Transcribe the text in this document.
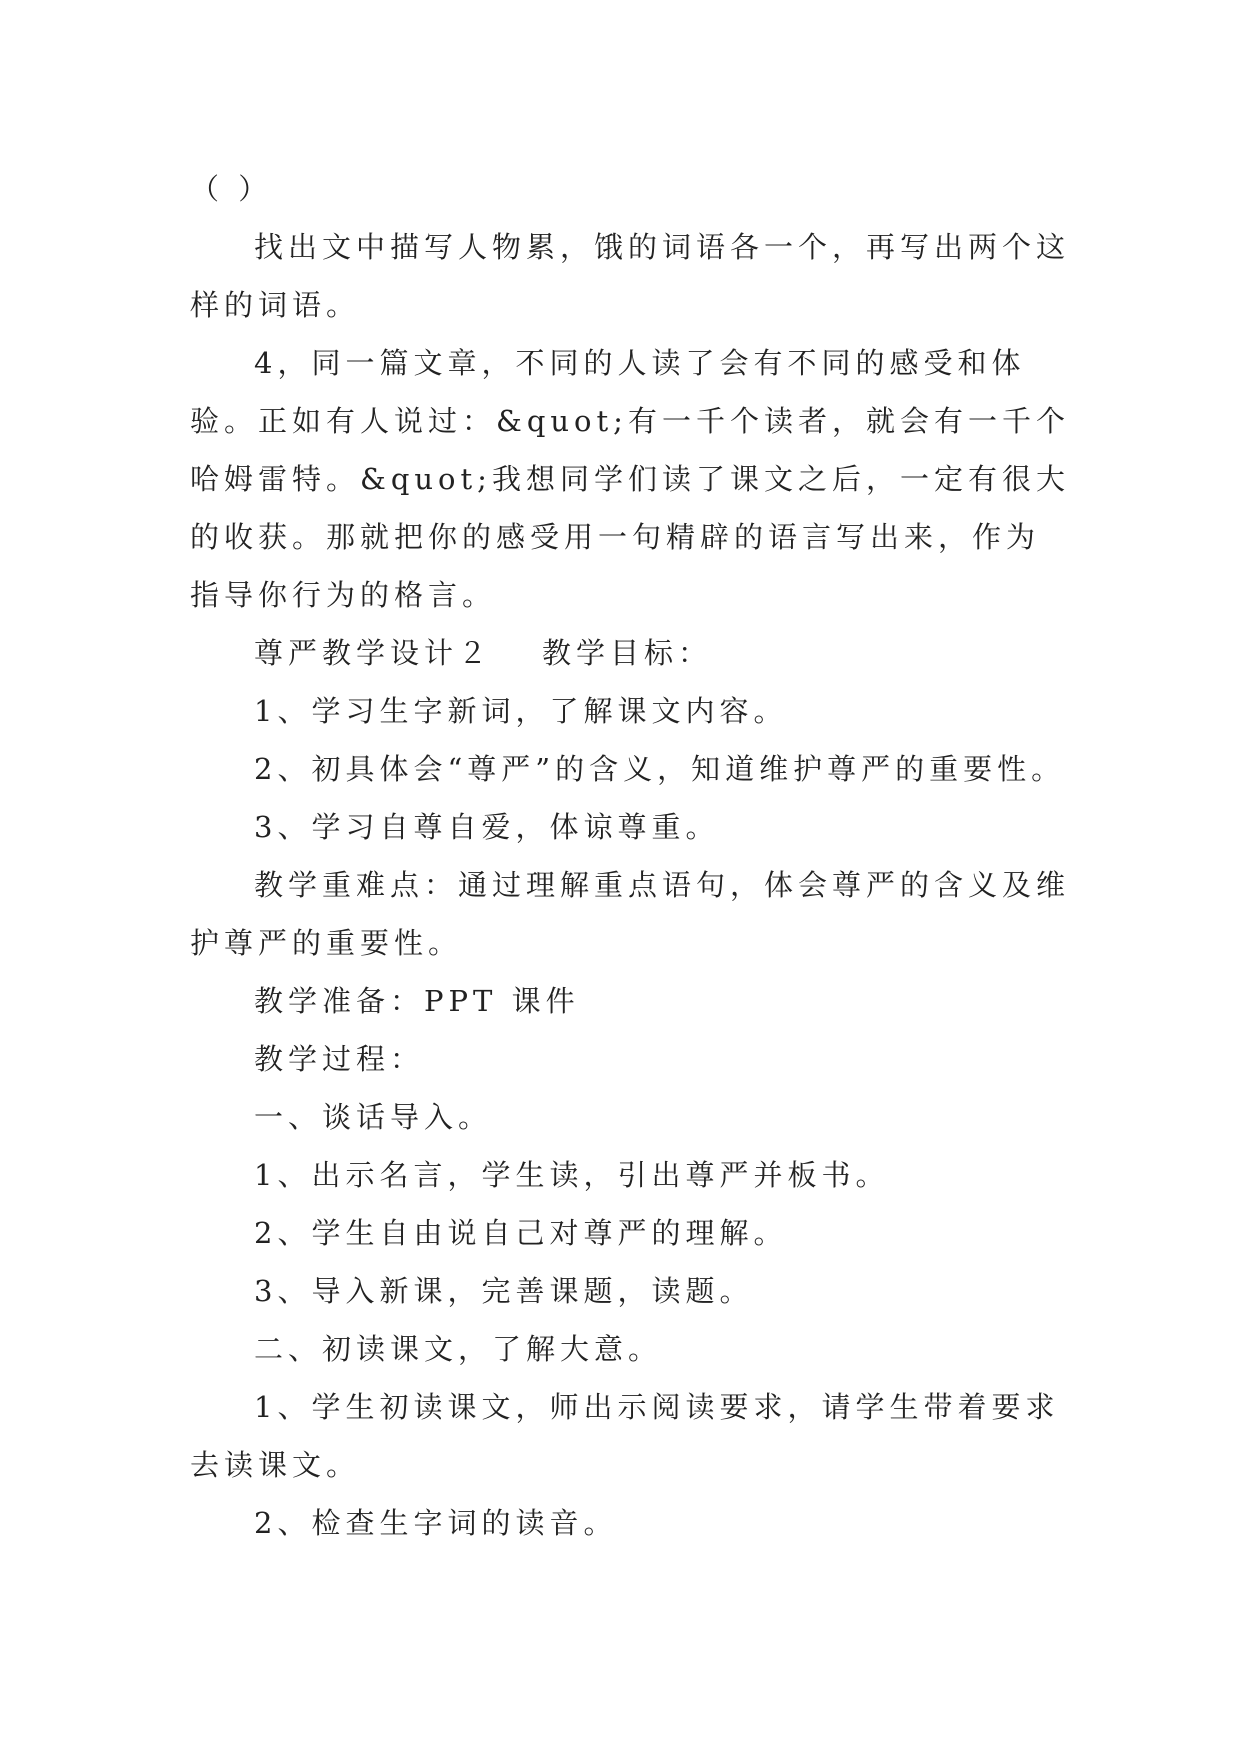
（ ）

找出文中描写人物累，饿的词语各一个，再写出两个这样的词语。

4，同一篇文章，不同的人读了会有不同的感受和体验。正如有人说过：&quot;有一千个读者，就会有一千个哈姆雷特。&quot;我想同学们读了课文之后，一定有很大的收获。那就把你的感受用一句精辟的语言写出来，作为指导你行为的格言。

尊严教学设计２ 教学目标：

1、学习生字新词，了解课文内容。

2、初具体会“尊严”的含义，知道维护尊严的重要性。

3、学习自尊自爱，体谅尊重。

教学重难点：通过理解重点语句，体会尊严的含义及维护尊严的重要性。

教学准备：PPT 课件

教学过程：

一、谈话导入。

1、出示名言，学生读，引出尊严并板书。

2、学生自由说自己对尊严的理解。

3、导入新课，完善课题，读题。

二、初读课文，了解大意。

1、学生初读课文，师出示阅读要求，请学生带着要求去读课文。

2、检查生字词的读音。
